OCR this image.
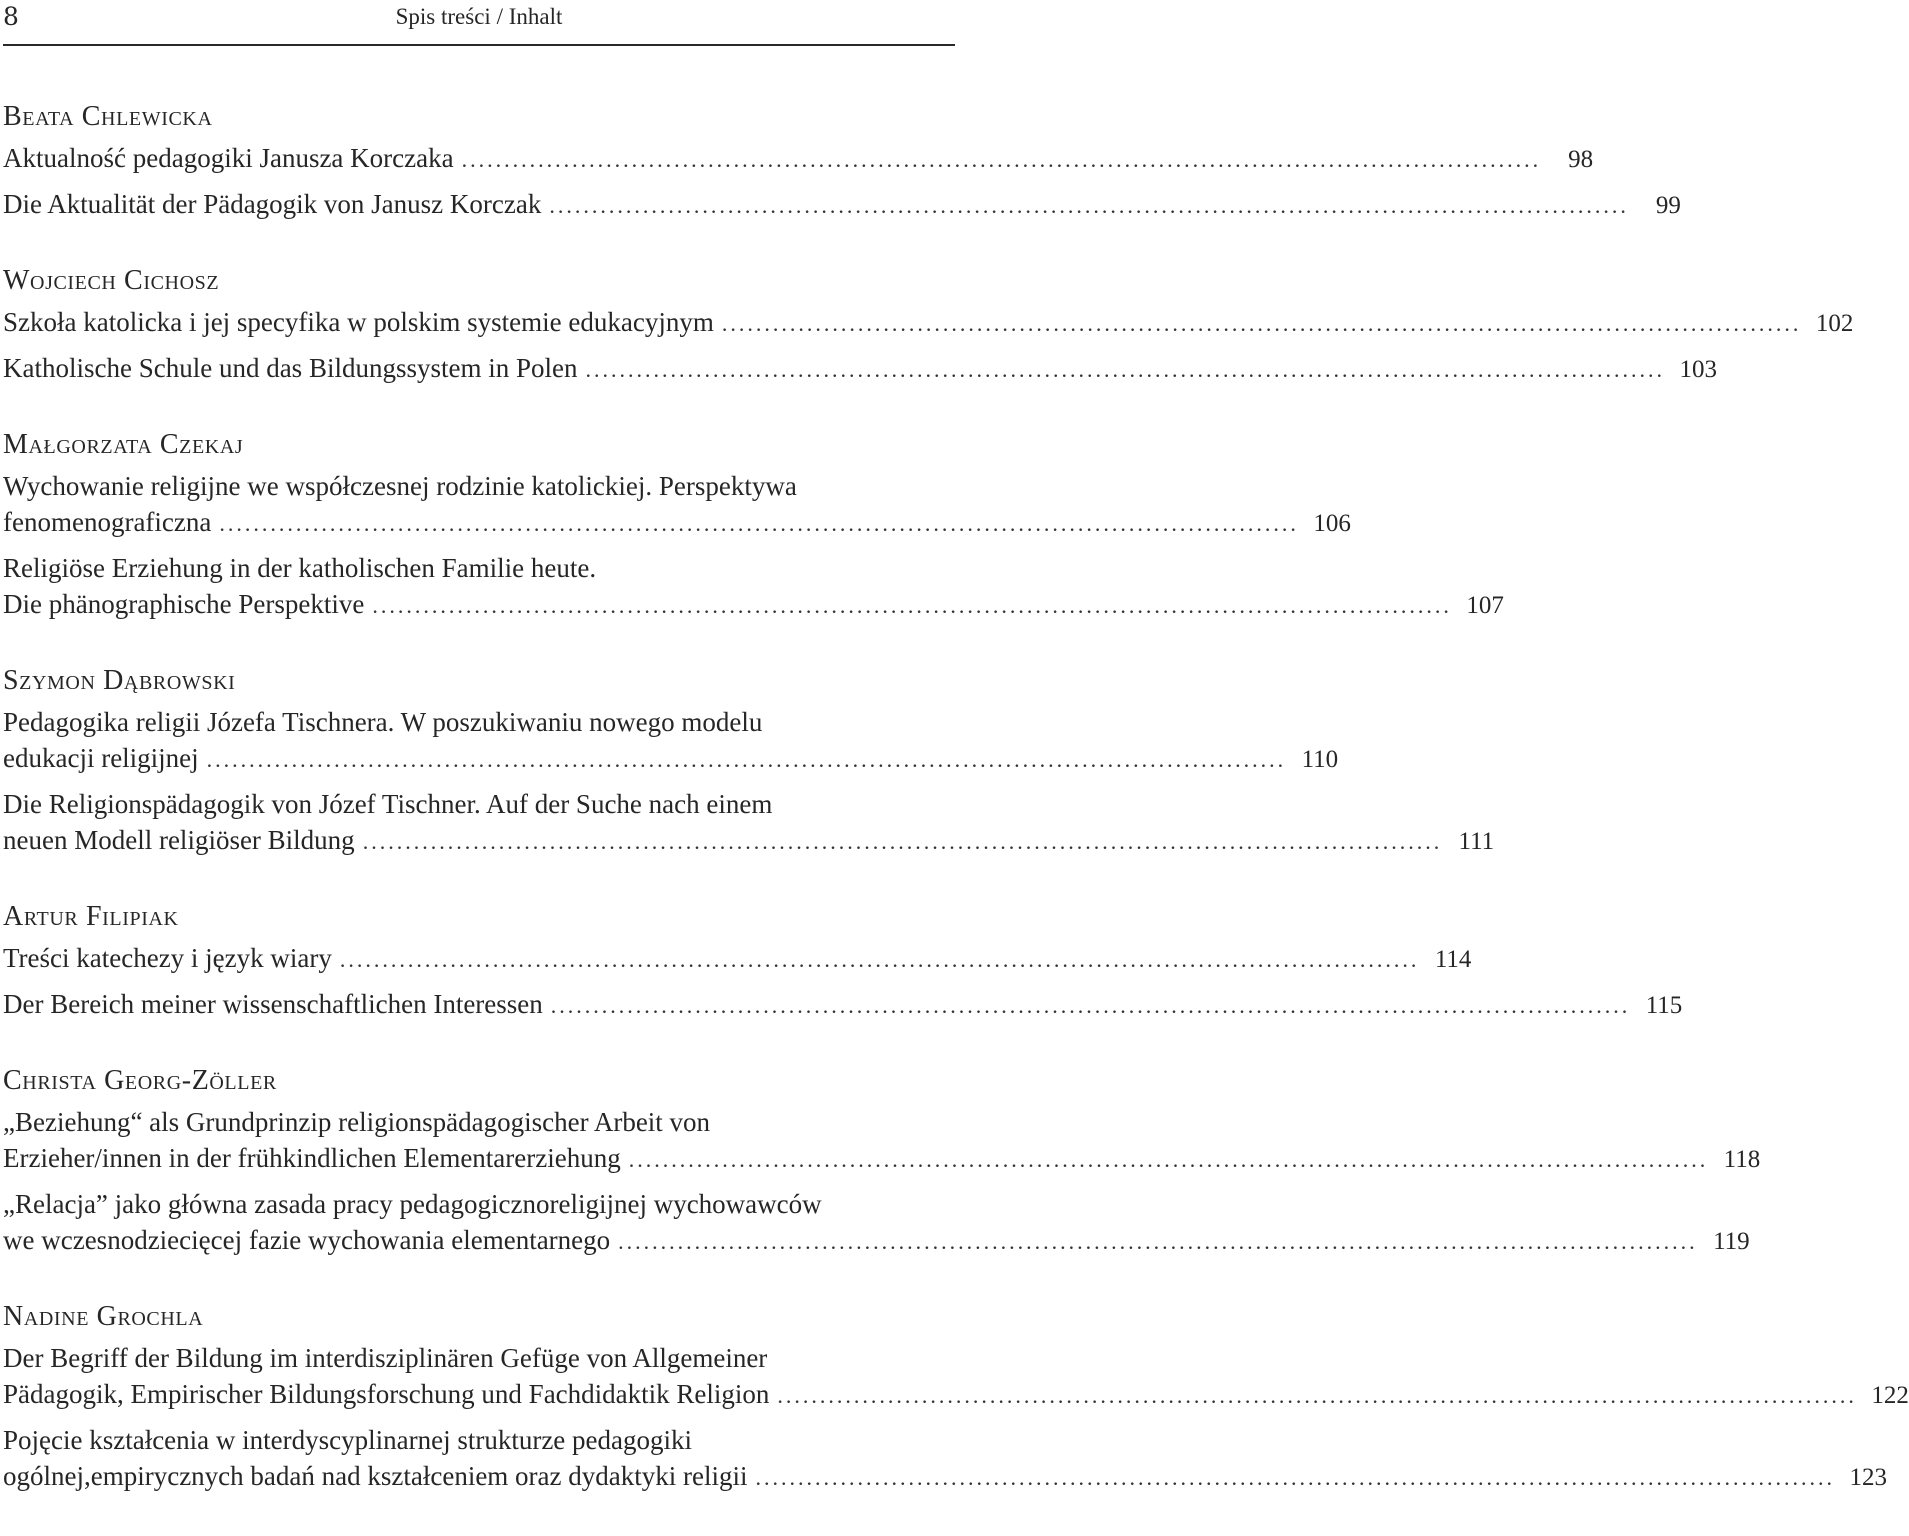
8	Spis treści / Inhalt
Beata Chlewicka
Aktualność pedagogiki Janusza Korczaka .....	98
Die Aktualität der Pädagogik von Janusz Korczak .....	99
Wojciech Cichosz
Szkoła katolicka i jej specyfika w polskim systemie edukacyjnym .....	102
Katholische Schule und das Bildungssystem in Polen .....	103
Małgorzata Czekaj
Wychowanie religijne we współczesnej rodzinie katolickiej. Perspektywa
fenomenograficzna .....	106
Religiöse Erziehung in der katholischen Familie heute.
Die phänographische Perspektive .....	107
Szymon Dąbrowski
Pedagogika religii Józefa Tischnera. W poszukiwaniu nowego modelu
edukacji religijnej .....	110
Die Religionspädagogik von Józef Tischner. Auf der Suche nach einem
neuen Modell religiöser Bildung .....	111
Artur Filipiak
Treści katechezy i język wiary .....	114
Der Bereich meiner wissenschaftlichen Interessen .....	115
Christa Georg-Zöller
„Beziehung“ als Grundprinzip religionspädagogischer Arbeit von
Erzieher/innen in der frühkindlichen Elementarerziehung .....	118
„Relacja” jako główna zasada pracy pedagogicznoreligijnej wychowawców
we wczesnodziecięcej fazie wychowania elementarnego .....	119
Nadine Grochla
Der Begriff der Bildung im interdisziplinären Gefüge von Allgemeiner
Pädagogik, Empirischer Bildungsforschung und Fachdidaktik Religion .....	122
Pojęcie kształcenia w interdyscyplinarnej strukturze pedagogiki
ogólnej,empirycznych badań nad kształceniem oraz dydaktyki religii .....	123
